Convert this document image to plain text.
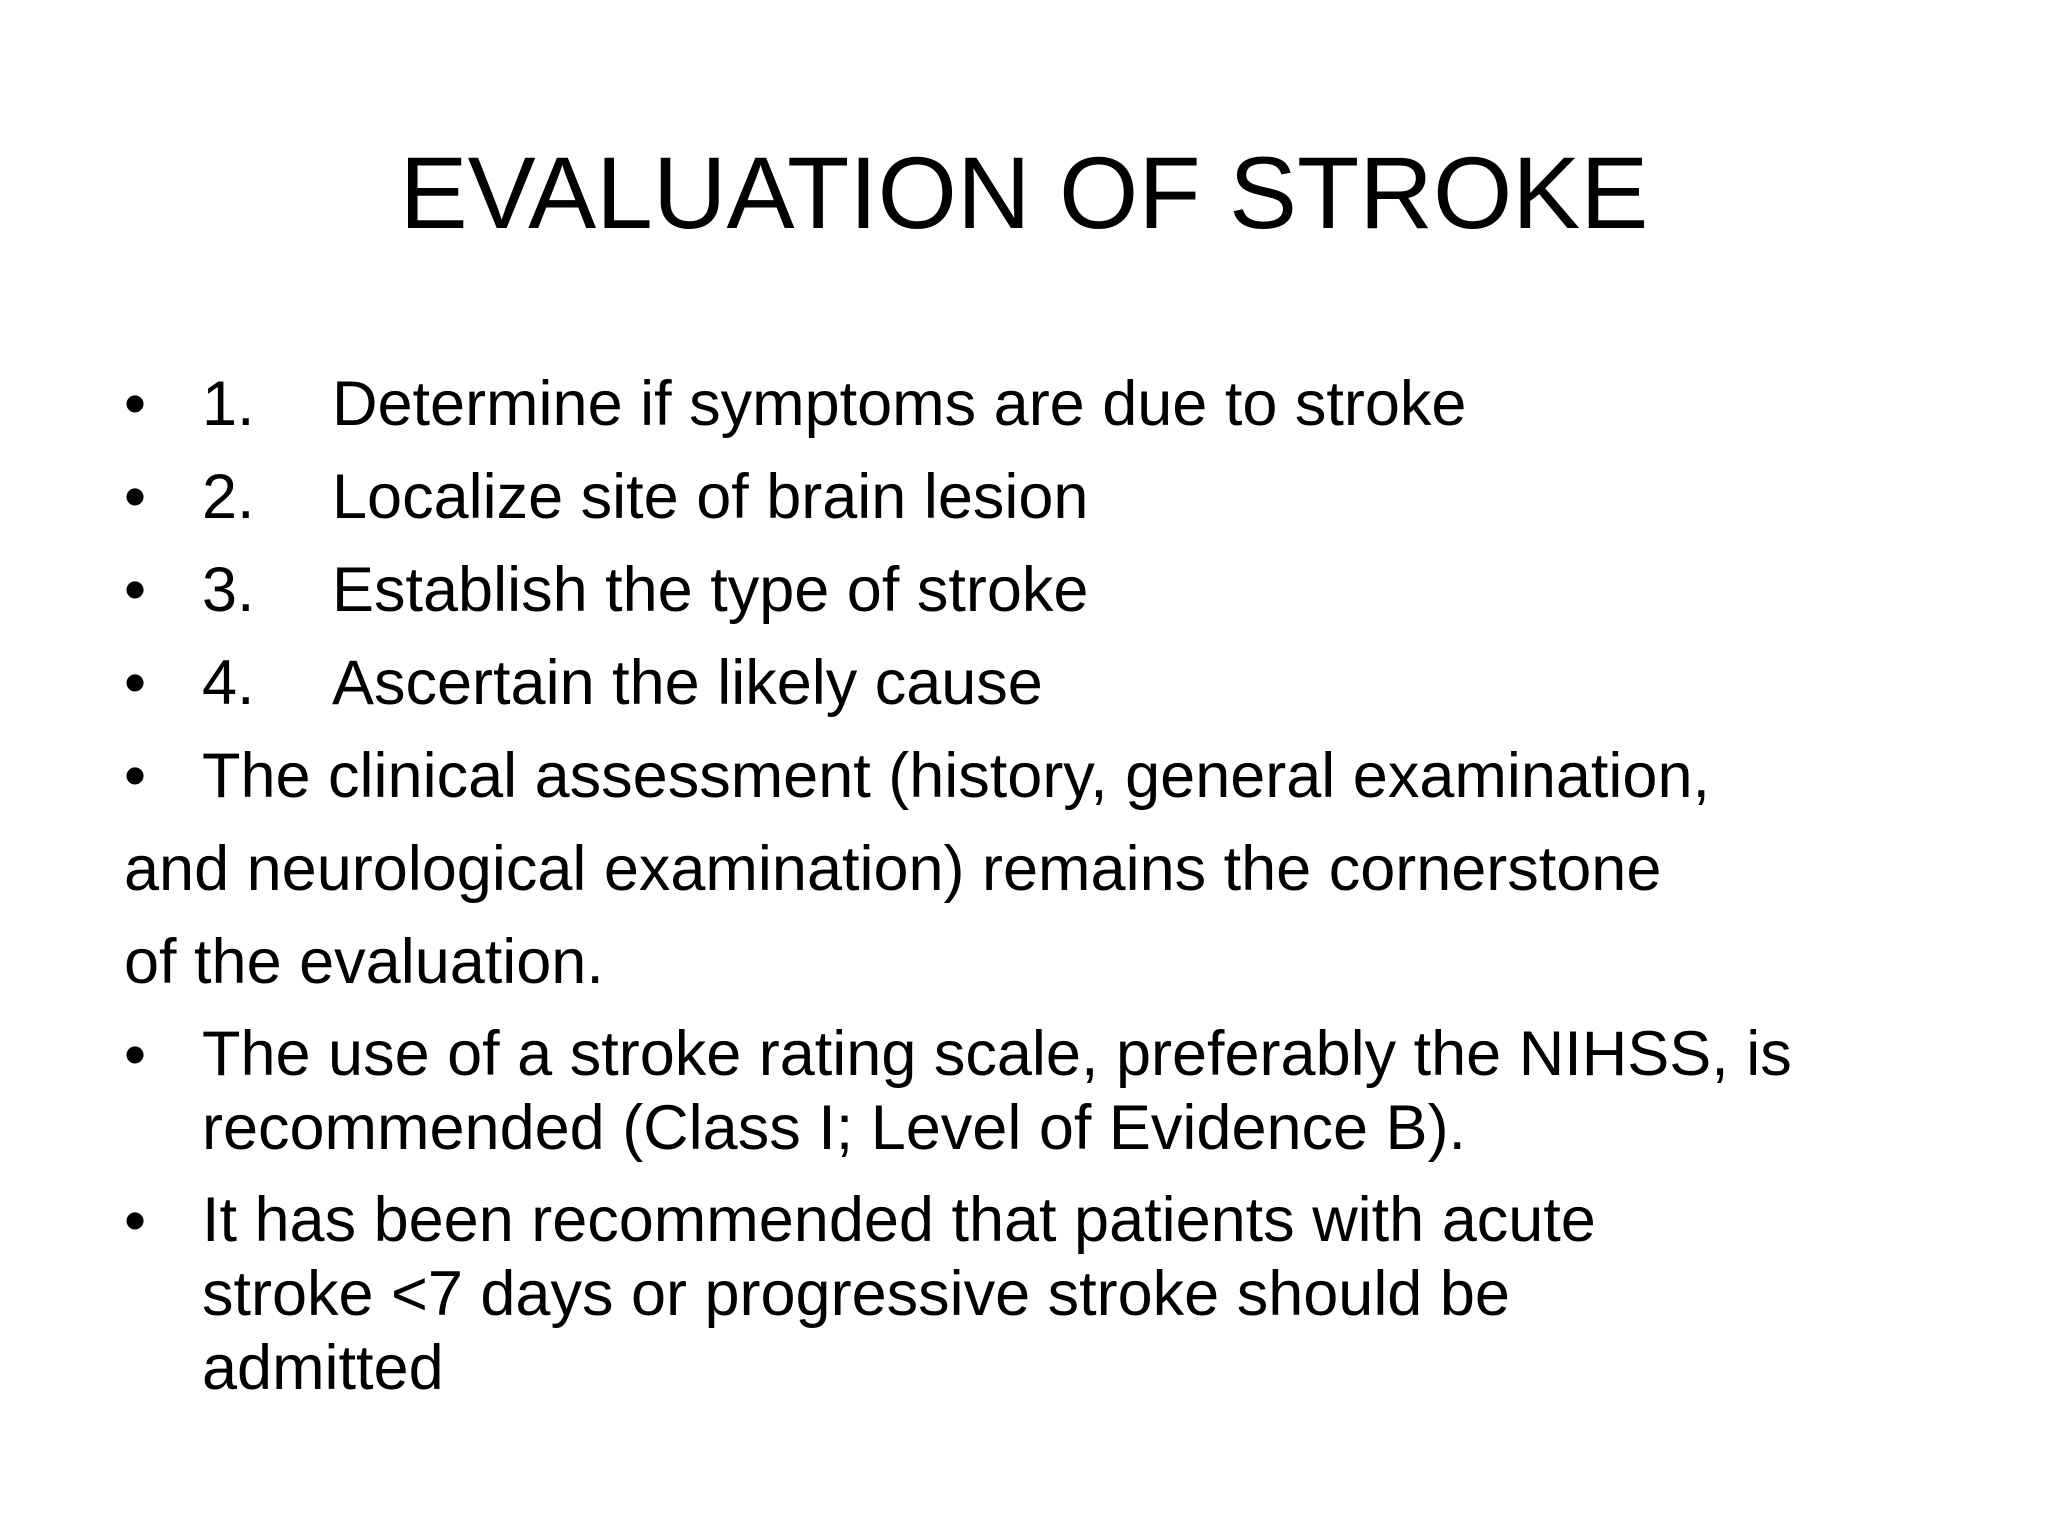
EVALUATION OF STROKE
• 1. Determine if symptoms are due to stroke
• 2. Localize site of brain lesion
• 3. Establish the type of stroke
• 4. Ascertain the likely cause
• The clinical assessment (history, general examination,
and neurological examination) remains the cornerstone
of the evaluation.
• The use of a stroke rating scale, preferably the NIHSS, is
recommended (Class I; Level of Evidence B).
• It has been recommended that patients with acute
stroke <7 days or progressive stroke should be
admitted
